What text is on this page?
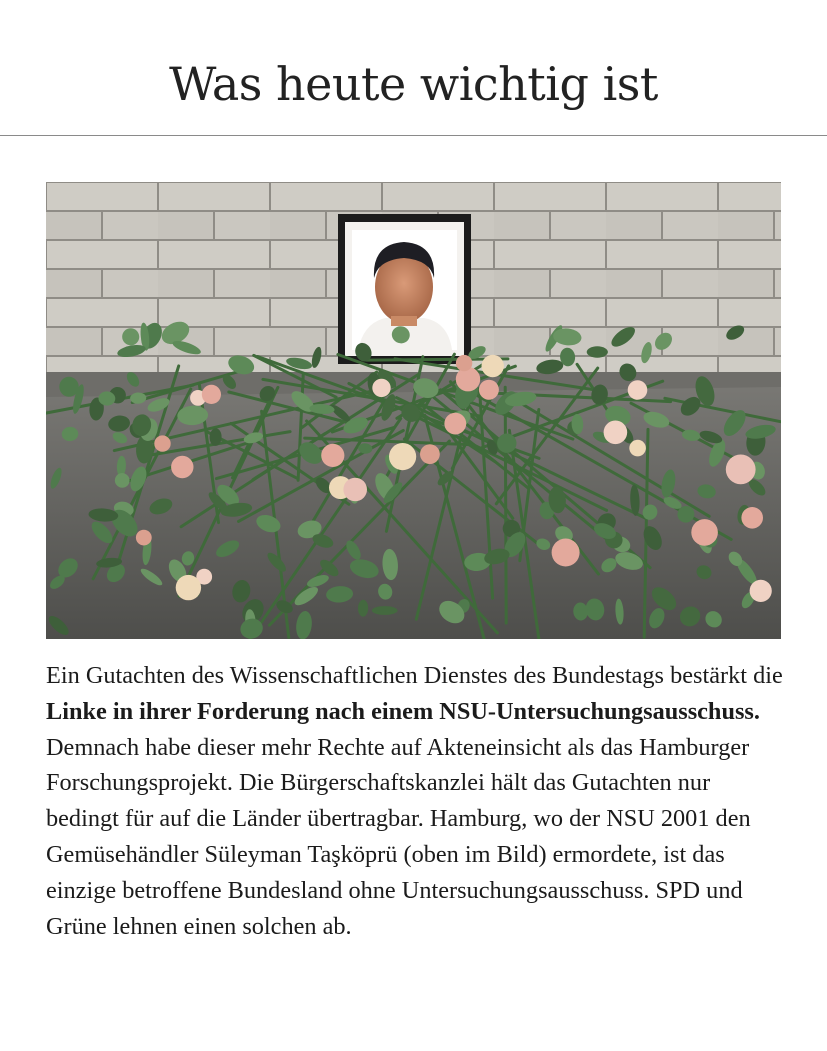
Was heute wichtig ist

Ein Gutachten des Wissenschaftlichen Dienstes des Bundestags bestärkt die Linke in ihrer Forderung nach einem NSU-Untersuchungsausschuss. Demnach habe dieser mehr Rechte auf Akteneinsicht als das Hamburger Forschungsprojekt. Die Bürgerschaftskanzlei hält das Gutachten nur bedingt für auf die Länder übertragbar. Hamburg, wo der NSU 2001 den Gemüsehändler Süleyman Taşköprü (oben im Bild) ermordete, ist das einzige betroffene Bundesland ohne Untersuchungsausschuss. SPD und Grüne lehnen einen solchen ab.
